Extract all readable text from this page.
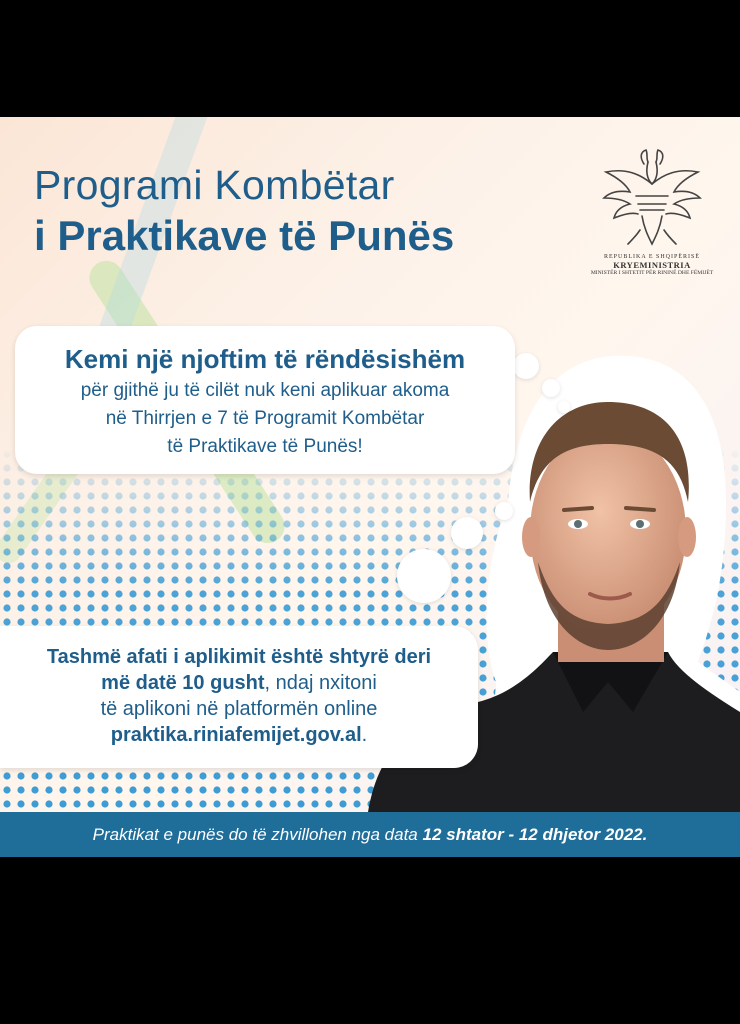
Programi Kombëtar
i Praktikave të Punës	REPUBLIKA E SHQIPËRISË
KRYEMINISTRIA
MINISTËR I SHTETIT PËR RININË DHE FËMIJËT
Kemi një njoftim të rëndësishëm
për gjithë ju të cilët nuk keni aplikuar akoma
në Thirrjen e 7 të Programit Kombëtar
të Praktikave të Punës!
Tashmë afati i aplikimit është shtyrë deri
më datë 10 gusht, ndaj nxitoni
të aplikoni në platformën online
praktika.riniafemijet.gov.al.
Praktikat e punës do të zhvillohen nga data 12 shtator - 12 dhjetor 2022.
